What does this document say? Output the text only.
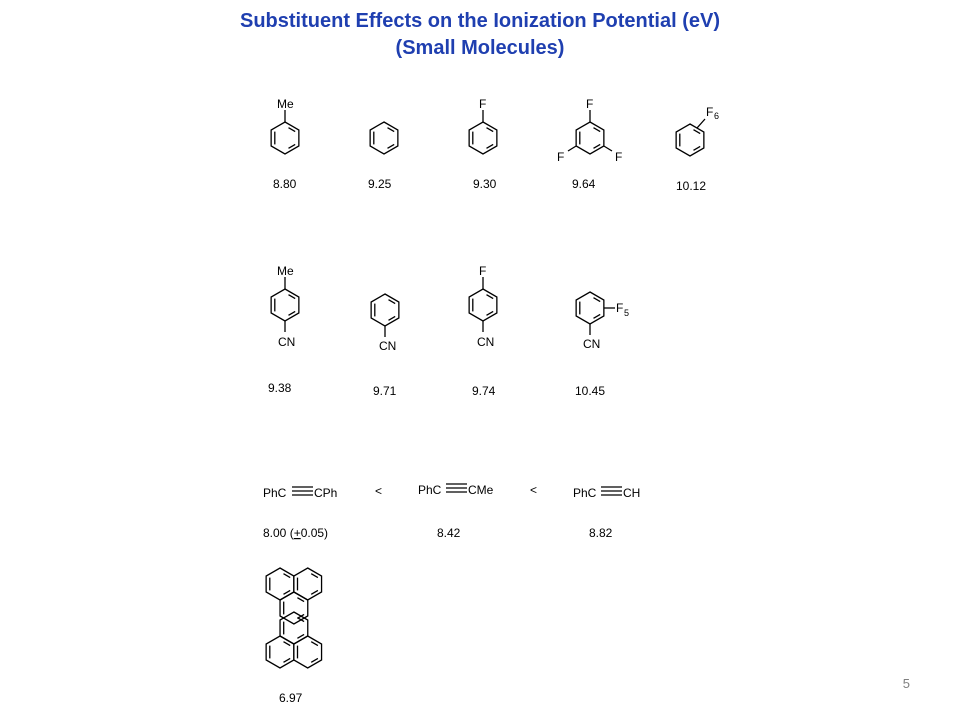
Substituent Effects on the Ionization Potential (eV)
(Small Molecules)
Me
8.80	9.25
F
9.30
F
F	F
9.64
F 6
10.12
Me
CN
9.38
CN
9.71
F
CN
9.74
F 5
CN
10.45
PhC CPh
8.00 (+0.05)
<	PhC CMe
8.42
<	PhC CH
8.82
6.97
5
